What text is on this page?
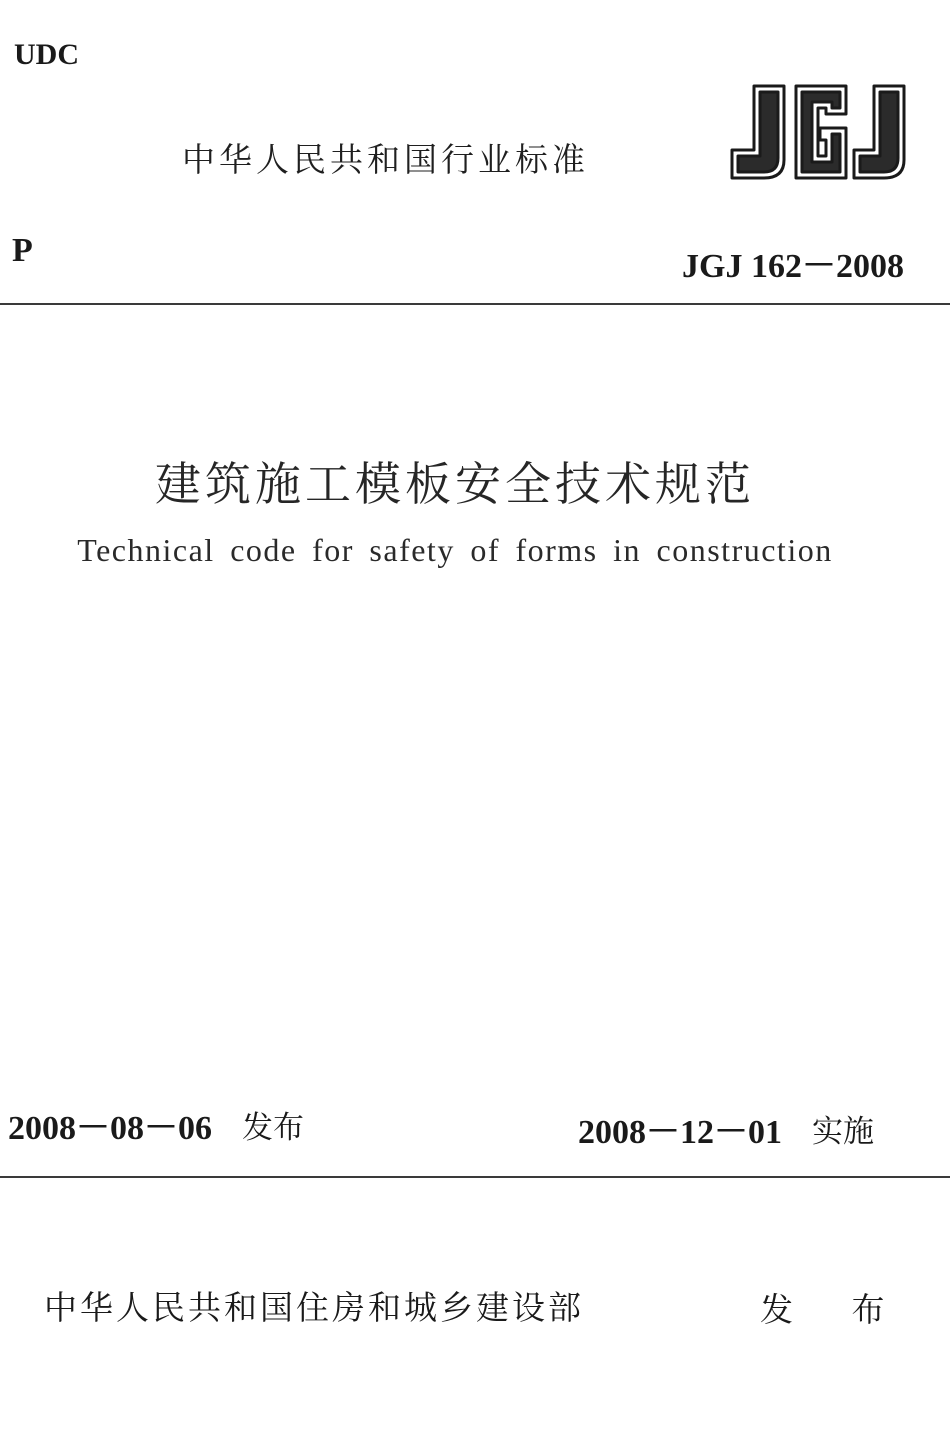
UDC
中华人民共和国行业标准
P	JGJ 162－2008
建筑施工模板安全技术规范
Technical code for safety of forms in construction
2008－08－06 发布	2008－12－01 实施
中华人民共和国住房和城乡建设部	发 布
